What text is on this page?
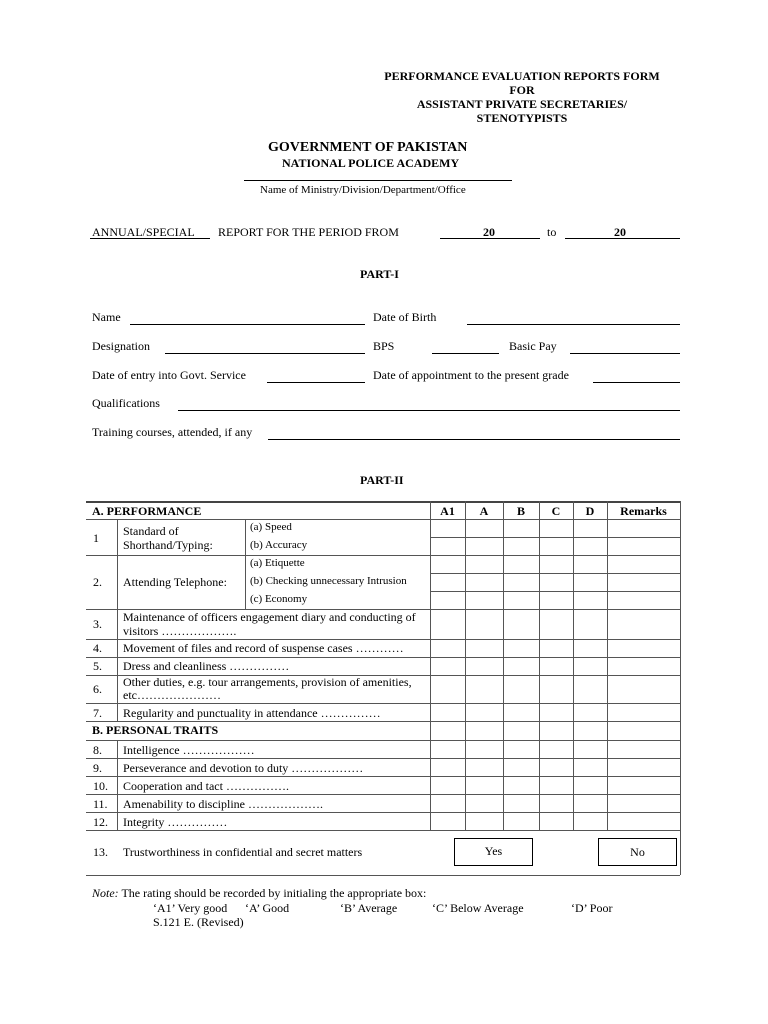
PERFORMANCE EVALUATION REPORTS FORM
FOR
ASSISTANT PRIVATE SECRETARIES/
STENOTYPISTS
GOVERNMENT OF PAKISTAN
NATIONAL POLICE ACADEMY
Name of Ministry/Division/Department/Office
ANNUAL/SPECIAL REPORT FOR THE PERIOD FROM	20	to	20
PART-I
Name	Date of Birth
Designation	BPS	Basic Pay
Date of entry into Govt. Service	Date of appointment to the present grade
Qualifications
Training courses, attended, if any
PART-II
A. PERFORMANCE	A1	A	B	C	D	Remarks
1 Standard of Shorthand/Typing:
(a) Speed
(b) Accuracy
2. Attending Telephone:
(a) Etiquette
(b) Checking unnecessary Intrusion
(c) Economy
3. Maintenance of officers engagement diary and conducting of visitors ……………….
4. Movement of files and record of suspense cases …………
5. Dress and cleanliness ……………
6. Other duties, e.g. tour arrangements, provision of amenities, etc…………………
7. Regularity and punctuality in attendance ……………
B. PERSONAL TRAITS
8. Intelligence ………………
9. Perseverance and devotion to duty ………………
10. Cooperation and tact …………….
11. Amenability to discipline ……………….
12. Integrity ……………
13. Trustworthiness in confidential and secret matters	Yes	No
Note: The rating should be recorded by initialing the appropriate box:
‘A1’ Very good ‘A’ Good	‘B’ Average	‘C’ Below Average	‘D’ Poor
S.121 E. (Revised)
